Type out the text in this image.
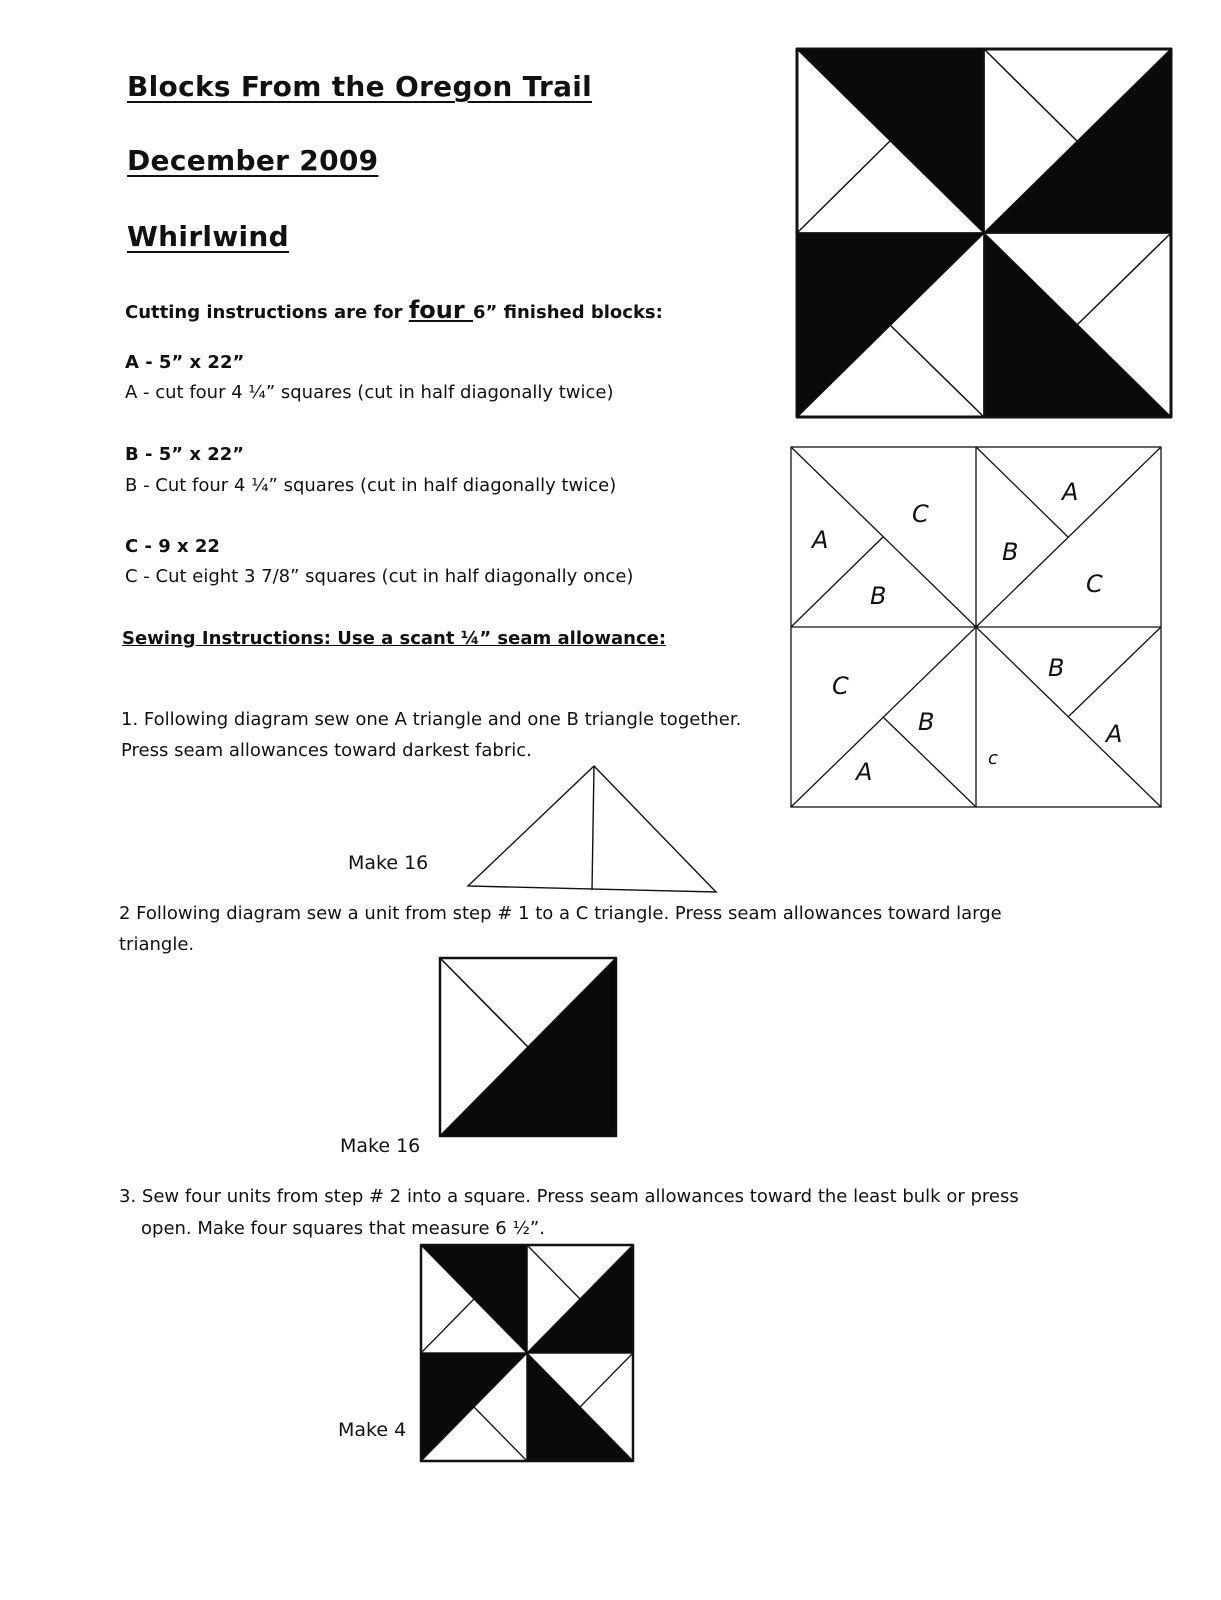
Blocks From the Oregon Trail
December 2009
Whirlwind
Cutting instructions are for four 6” finished blocks:
A - 5” x 22”
A - cut four 4 ¼” squares (cut in half diagonally twice)
B - 5” x 22”
B - Cut four 4 ¼” squares (cut in half diagonally twice)
C - 9 x 22
C - Cut eight 3 7/8” squares (cut in half diagonally once)
Sewing Instructions: Use a scant ¼” seam allowance:
1. Following diagram sew one A triangle and one B triangle together.
Press seam allowances toward darkest fabric.
Make 16
2 Following diagram sew a unit from step # 1 to a C triangle. Press seam allowances toward large
triangle.
Make 16
3. Sew four units from step # 2 into a square. Press seam allowances toward the least bulk or press
open. Make four squares that measure 6 ½”.
Make 4
A
B
C
A
B
C
C
B
A
B
A
c
